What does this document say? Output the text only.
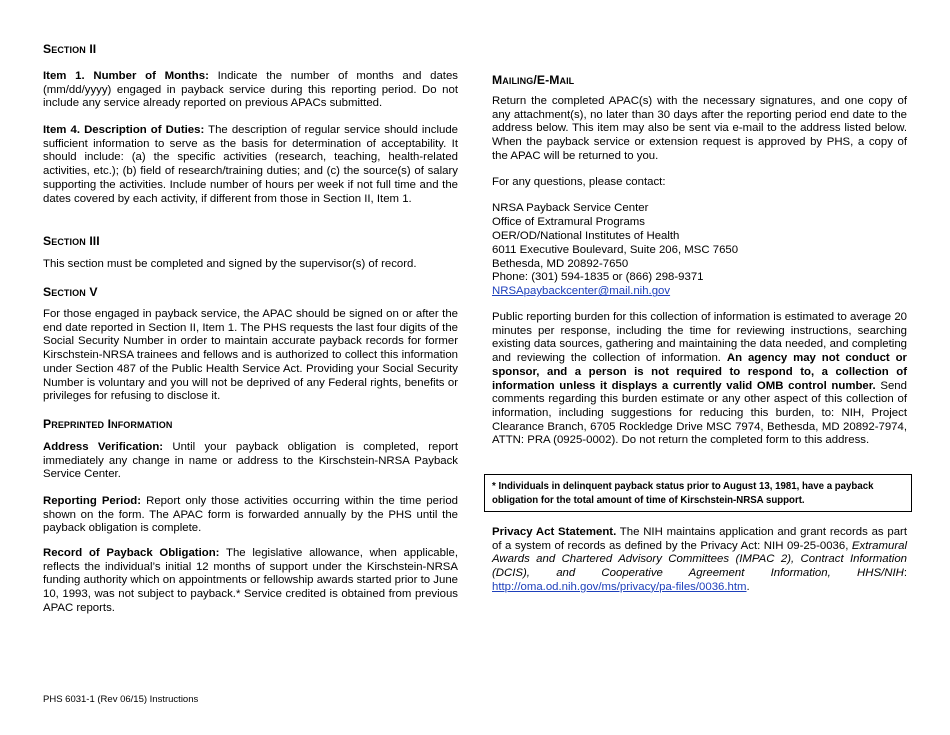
Section II

Item 1. Number of Months: Indicate the number of months and dates (mm/dd/yyyy) engaged in payback service during this reporting period. Do not include any service already reported on previous APACs submitted.

Item 4. Description of Duties: The description of regular service should include sufficient information to serve as the basis for determination of acceptability. It should include: (a) the specific activities (research, teaching, health-related activities, etc.); (b) field of research/training duties; and (c) the source(s) of salary supporting the activities. Include number of hours per week if not full time and the dates covered by each activity, if different from those in Section II, Item 1.

Section III

This section must be completed and signed by the supervisor(s) of record.

Section V

For those engaged in payback service, the APAC should be signed on or after the end date reported in Section II, Item 1. The PHS requests the last four digits of the Social Security Number in order to maintain accurate payback records for former Kirschstein-NRSA trainees and fellows and is authorized to collect this information under Section 487 of the Public Health Service Act. Providing your Social Security Number is voluntary and you will not be deprived of any Federal rights, benefits or privileges for refusing to disclose it.

Preprinted Information

Address Verification: Until your payback obligation is completed, report immediately any change in name or address to the Kirschstein-NRSA Payback Service Center.

Reporting Period: Report only those activities occurring within the time period shown on the form. The APAC form is forwarded annually by the PHS until the payback obligation is complete.

Record of Payback Obligation: The legislative allowance, when applicable, reflects the individual’s initial 12 months of support under the Kirschstein-NRSA funding authority which on appointments or fellowship awards started prior to June 10, 1993, was not subject to payback.* Service credited is obtained from previous APAC reports.

Mailing/E-Mail

Return the completed APAC(s) with the necessary signatures, and one copy of any attachment(s), no later than 30 days after the reporting period end date to the address below. This item may also be sent via e-mail to the address listed below. When the payback service or extension request is approved by PHS, a copy of the APAC will be returned to you.

For any questions, please contact:

NRSA Payback Service Center
Office of Extramural Programs
OER/OD/National Institutes of Health
6011 Executive Boulevard, Suite 206, MSC 7650
Bethesda, MD 20892-7650
Phone: (301) 594-1835 or (866) 298-9371
NRSApaybackcenter@mail.nih.gov

Public reporting burden for this collection of information is estimated to average 20 minutes per response, including the time for reviewing instructions, searching existing data sources, gathering and maintaining the data needed, and completing and reviewing the collection of information. An agency may not conduct or sponsor, and a person is not required to respond to, a collection of information unless it displays a currently valid OMB control number. Send comments regarding this burden estimate or any other aspect of this collection of information, including suggestions for reducing this burden, to: NIH, Project Clearance Branch, 6705 Rockledge Drive MSC 7974, Bethesda, MD 20892-7974, ATTN: PRA (0925-0002). Do not return the completed form to this address.

Privacy Act Statement. The NIH maintains application and grant records as part of a system of records as defined by the Privacy Act: NIH 09-25-0036, Extramural Awards and Chartered Advisory Committees (IMPAC 2), Contract Information (DCIS), and Cooperative Agreement Information, HHS/NIH: http://oma.od.nih.gov/ms/privacy/pa-files/0036.htm.

* Individuals in delinquent payback status prior to August 13, 1981, have a payback obligation for the total amount of time of Kirschstein-NRSA support.
PHS 6031-1 (Rev 06/15) Instructions
